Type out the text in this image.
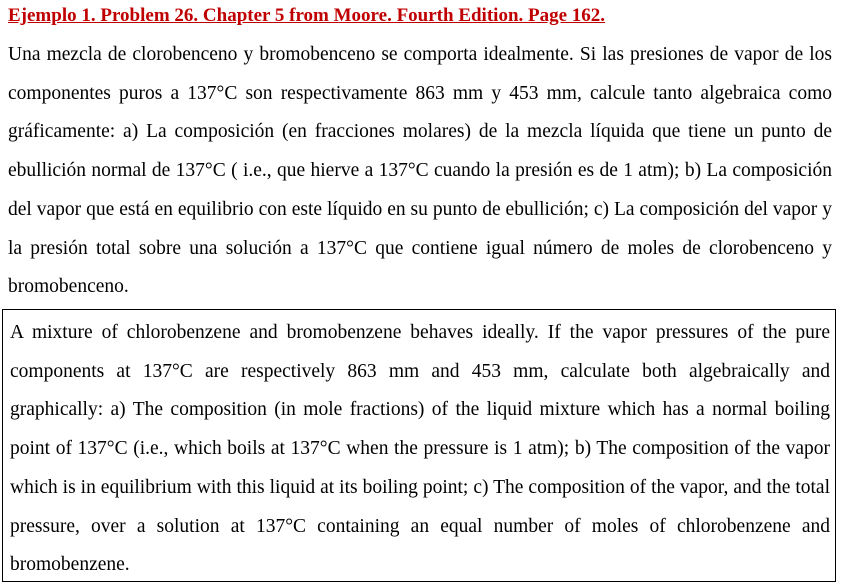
Ejemplo 1. Problem 26. Chapter 5 from Moore. Fourth Edition. Page 162.
Una mezcla de clorobenceno y bromobenceno se comporta idealmente. Si las presiones de vapor de los componentes puros a 137°C son respectivamente 863 mm y 453 mm, calcule tanto algebraica como gráficamente: a) La composición (en fracciones molares) de la mezcla líquida que tiene un punto de ebullición normal de 137°C ( i.e., que hierve a 137°C cuando la presión es de 1 atm); b) La composición del vapor que está en equilibrio con este líquido en su punto de ebullición; c) La composición del vapor y la presión total sobre una solución a 137°C que contiene igual número de moles de clorobenceno y bromobenceno.
A mixture of chlorobenzene and bromobenzene behaves ideally. If the vapor pressures of the pure components at 137°C are respectively 863 mm and 453 mm, calculate both algebraically and graphically: a) The composition (in mole fractions) of the liquid mixture which has a normal boiling point of 137°C (i.e., which boils at 137°C when the pressure is 1 atm); b) The composition of the vapor which is in equilibrium with this liquid at its boiling point; c) The composition of the vapor, and the total pressure, over a solution at 137°C containing an equal number of moles of chlorobenzene and bromobenzene.
